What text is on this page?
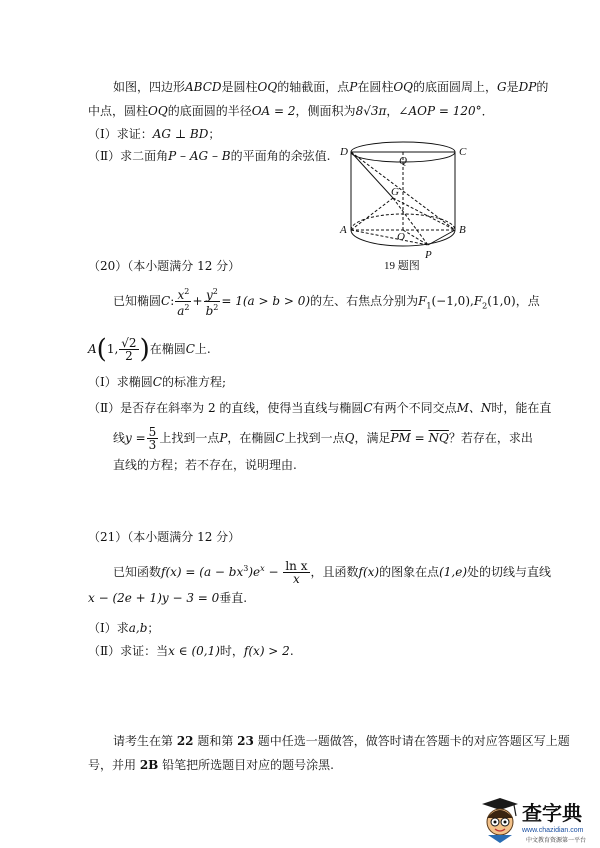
如图，四边形ABCD是圆柱OQ的轴截面，点P在圆柱OQ的底面圆周上，G是DP的
中点，圆柱OQ的底面圆的半径OA = 2，侧面积为8√3π，∠AOP = 120°．
（Ⅰ）求证：AG ⊥ BD；
（Ⅱ）求二面角P – AG – B的平面角的余弦值. D	C
Q
G
A	B
O
P
19 题图
（20）（本小题满分 12 分）
已知椭圆C: $\frac{x^2}{a^2} + \frac{y^2}{b^2} = 1(a > b > 0)$的左、右焦点分别为$F_1(-1,0),F_2(1,0)$，点
A(1, $\frac{√2}{2}$ )在椭圆C上.
（Ⅰ）求椭圆C的标准方程;
（Ⅱ）是否存在斜率为 2 的直线，使得当直线与椭圆C有两个不同交点M、N时，能在直
线$y = \frac{5}{3}$ 上找到一点P，在椭圆C上找到一点Q，满足$\overline{PM} = \overline{NQ}$？若存在，求出
直线的方程；若不存在，说明理由.
（21）（本小题满分 12 分）
已知函数$f(x) = (a - bx^3)e^x - \frac{\text{ln x}}{x}$ ，且函数f(x)的图象在点(1,e)处的切线与直线
x − (2e + 1)y − 3 = 0垂直.
（Ⅰ）求a,b；
（Ⅱ）求证：当x ∈ (0,1)时，f(x) > 2.
请考生在第 22 题和第 23 题中任选一题做答，做答时请在答题卡的对应答题区写上题
号，并用 2B 铅笔把所选题目对应的题号涂黑.
查字典
www.chazidian.com
中文教育资源第一平台
